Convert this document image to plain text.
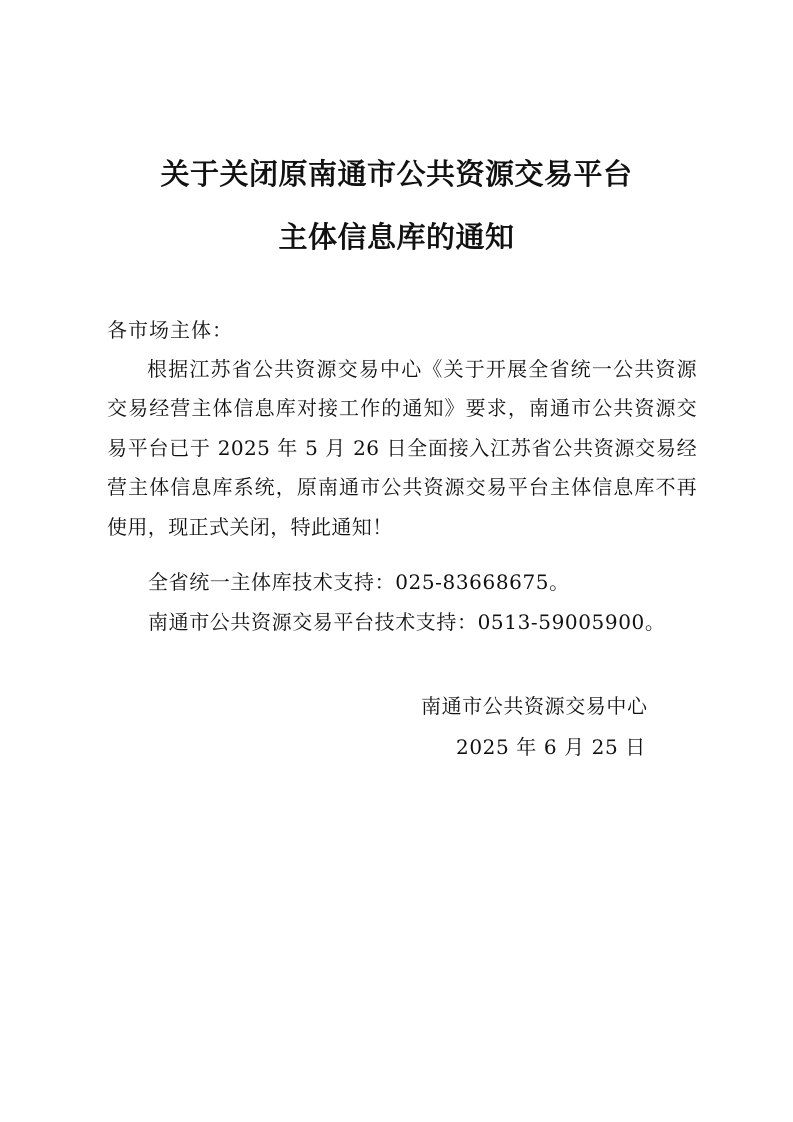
关于关闭原南通市公共资源交易平台
主体信息库的通知
各市场主体：
根据江苏省公共资源交易中心《关于开展全省统一公共资源交易经营主体信息库对接工作的通知》要求，南通市公共资源交易平台已于 2025 年 5 月 26 日全面接入江苏省公共资源交易经营主体信息库系统，原南通市公共资源交易平台主体信息库不再使用，现正式关闭，特此通知！
全省统一主体库技术支持：025-83668675。
南通市公共资源交易平台技术支持：0513-59005900。
南通市公共资源交易中心
2025 年 6 月 25 日
